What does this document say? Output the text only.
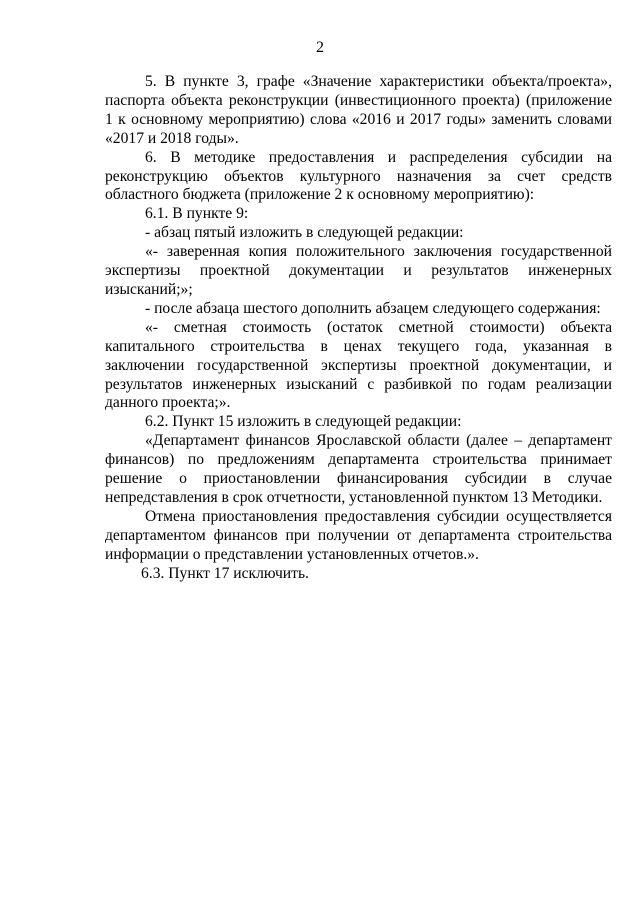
2

5. В пункте 3, графе «Значение характеристики объекта/проекта», паспорта объекта реконструкции (инвестиционного проекта) (приложение 1 к основному мероприятию) слова «2016 и 2017 годы» заменить словами «2017 и 2018 годы».

6. В методике предоставления и распределения субсидии на реконструкцию объектов культурного назначения за счет средств областного бюджета (приложение 2 к основному мероприятию):

6.1. В пункте 9:

- абзац пятый изложить в следующей редакции:

«- заверенная копия положительного заключения государственной экспертизы проектной документации и результатов инженерных изысканий;»;

- после абзаца шестого дополнить абзацем следующего содержания:

«- сметная стоимость (остаток сметной стоимости) объекта капитального строительства в ценах текущего года, указанная в заключении государственной экспертизы проектной документации, и результатов инженерных изысканий с разбивкой по годам реализации данного проекта;».

6.2. Пункт 15 изложить в следующей редакции:

«Департамент финансов Ярославской области (далее – департамент финансов) по предложениям департамента строительства принимает решение о приостановлении финансирования субсидии в случае непредставления в срок отчетности, установленной пунктом 13 Методики.

Отмена приостановления предоставления субсидии осуществляется департаментом финансов при получении от департамента строительства информации о представлении установленных отчетов.».

6.3. Пункт 17 исключить.
